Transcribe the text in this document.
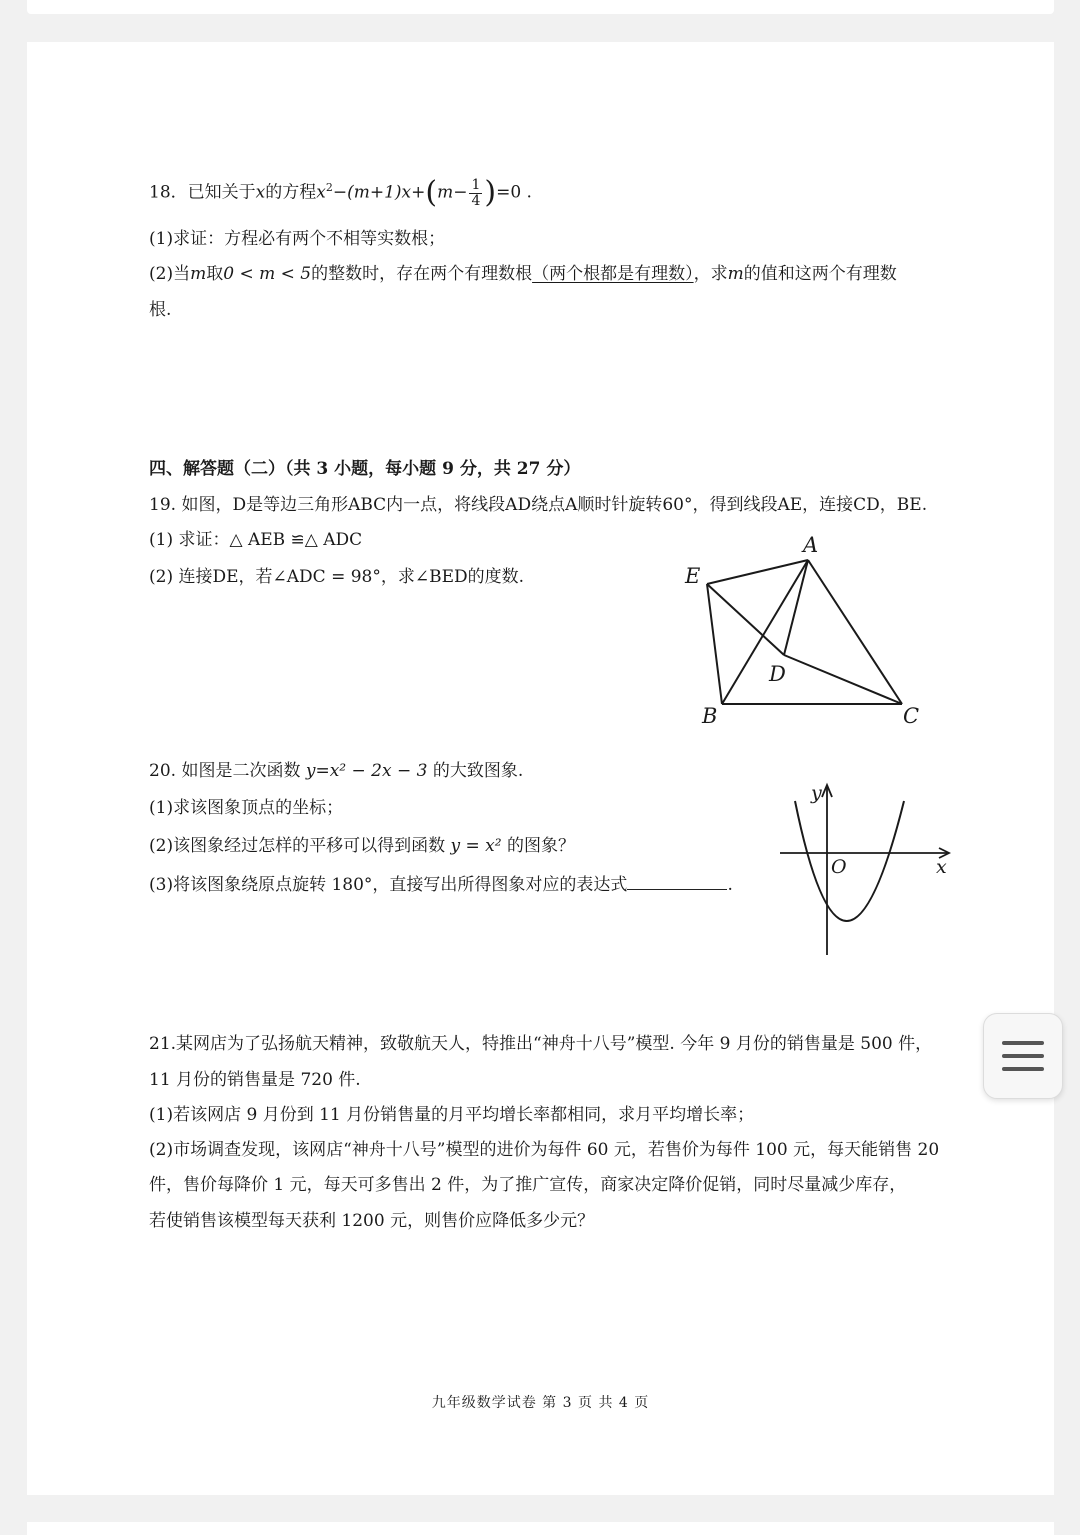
18．已知关于x的方程$x^2-(m+1)x+(m- \frac{1}{4} )=0$ .
(1)求证：方程必有两个不相等实数根；
(2)当m取0 < m < 5的整数时，存在两个有理数根（两个根都是有理数），求m的值和这两个有理数
根.
四、解答题（二）（共 3 小题，每小题 9 分，共 27 分）
19. 如图，D是等边三角形ABC内一点，将线段AD绕点A顺时针旋转60°，得到线段AE，连接CD，BE.
(1) 求证：△ AEB ≌△ ADC
(2) 连接DE，若∠ADC = 98°，求∠BED的度数.
A
E
D
B	C
20. 如图是二次函数 y=x² − 2x − 3 的大致图象.
(1)求该图象顶点的坐标；
(2)该图象经过怎样的平移可以得到函数 y = x² 的图象？
(3)将该图象绕原点旋转 180°，直接写出所得图象对应的表达式	.
y
x
O
21.某网店为了弘扬航天精神，致敬航天人，特推出“神舟十八号”模型. 今年 9 月份的销售量是 500 件，
11 月份的销售量是 720 件.
(1)若该网店 9 月份到 11 月份销售量的月平均增长率都相同，求月平均增长率；
(2)市场调查发现，该网店“神舟十八号”模型的进价为每件 60 元，若售价为每件 100 元，每天能销售 20
件，售价每降价 1 元，每天可多售出 2 件，为了推广宣传，商家决定降价促销，同时尽量减少库存，
若使销售该模型每天获利 1200 元，则售价应降低多少元？
九年级数学试卷 第 3 页 共 4 页
